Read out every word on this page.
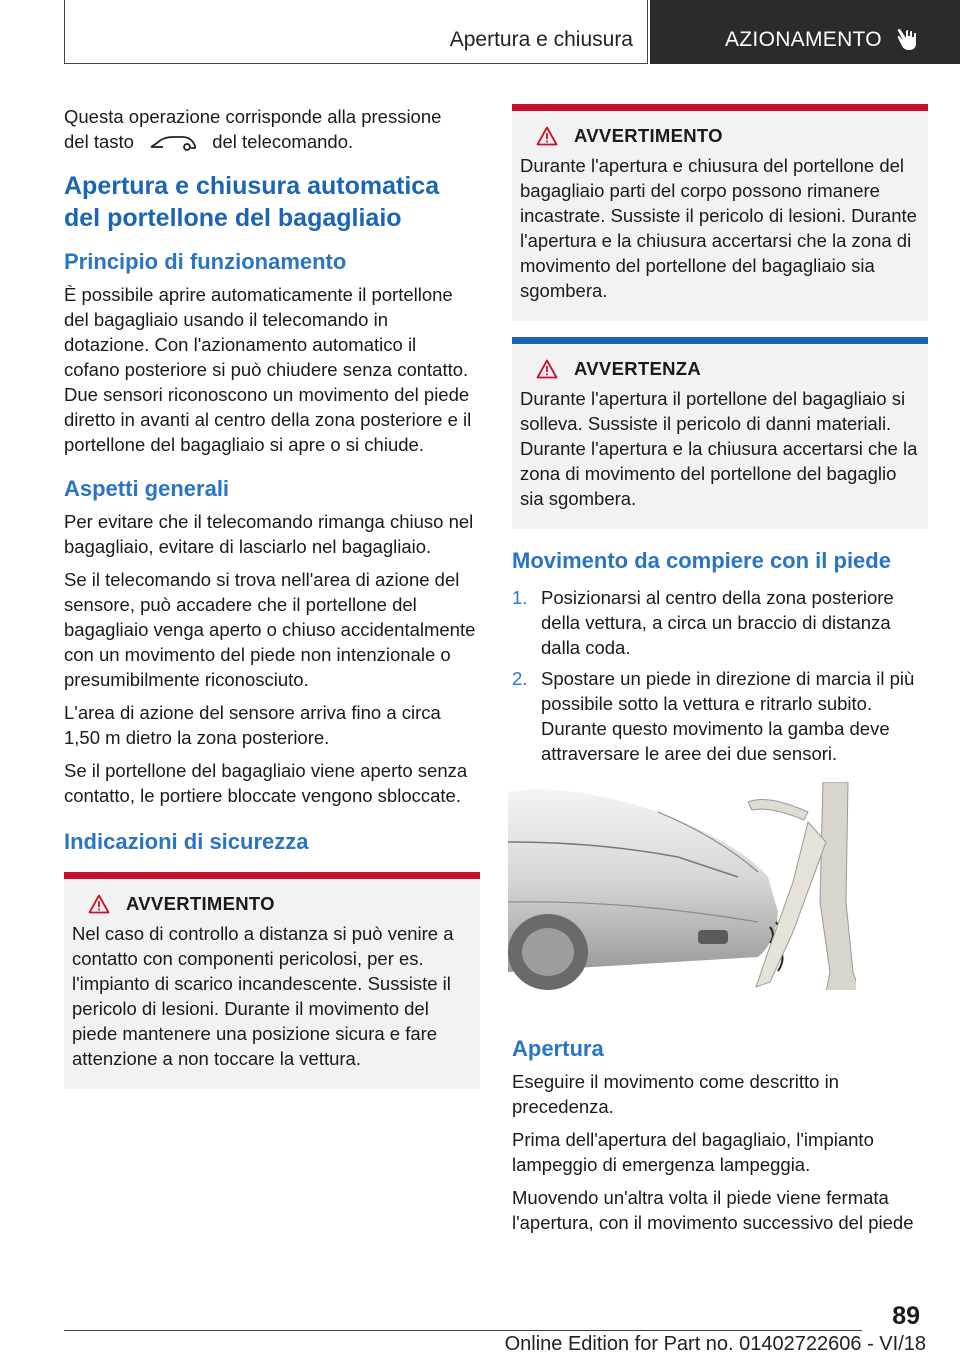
Apertura e chiusura	AZIONAMENTO

Questa operazione corrisponde alla pressione
del tasto	del telecomando.

Apertura e chiusura automatica del portellone del bagagliaio
Principio di funzionamento

È possibile aprire automaticamente il portellone del bagagliaio usando il telecomando in dotazione. Con l'azionamento automatico il cofano posteriore si può chiudere senza contatto. Due sensori riconoscono un movimento del piede diretto in avanti al centro della zona posteriore e il portellone del bagagliaio si apre o si chiude.

Aspetti generali

Per evitare che il telecomando rimanga chiuso nel bagagliaio, evitare di lasciarlo nel bagagliaio.

Se il telecomando si trova nell'area di azione del sensore, può accadere che il portellone del bagagliaio venga aperto o chiuso accidentalmente con un movimento del piede non intenzionale o presumibilmente riconosciuto.

L'area di azione del sensore arriva fino a circa 1,50 m dietro la zona posteriore.

Se il portellone del bagagliaio viene aperto senza contatto, le portiere bloccate vengono sbloccate.

Indicazioni di sicurezza
AVVERTIMENTO

Nel caso di controllo a distanza si può venire a contatto con componenti pericolosi, per es. l'impianto di scarico incandescente. Sussiste il pericolo di lesioni. Durante il movimento del piede mantenere una posizione sicura e fare attenzione a non toccare la vettura.

AVVERTIMENTO

Durante l'apertura e chiusura del portellone del bagagliaio parti del corpo possono rimanere incastrate. Sussiste il pericolo di lesioni. Durante l'apertura e la chiusura accertarsi che la zona di movimento del portellone del bagagliaio sia sgombera.

AVVERTENZA

Durante l'apertura il portellone del bagagliaio si solleva. Sussiste il pericolo di danni materiali. Durante l'apertura e la chiusura accertarsi che la zona di movimento del portellone del bagaglio sia sgombera.

Movimento da compiere con il piede
1. Posizionarsi al centro della zona posteriore della vettura, a circa un braccio di distanza dalla coda.
2. Spostare un piede in direzione di marcia il più possibile sotto la vettura e ritrarlo subito. Durante questo movimento la gamba deve attraversare le aree dei due sensori.
Apertura

Eseguire il movimento come descritto in precedenza.

Prima dell'apertura del bagagliaio, l'impianto lampeggio di emergenza lampeggia.

Muovendo un'altra volta il piede viene fermata l'apertura, con il movimento successivo del piede

89
Online Edition for Part no. 01402722606 - VI/18
